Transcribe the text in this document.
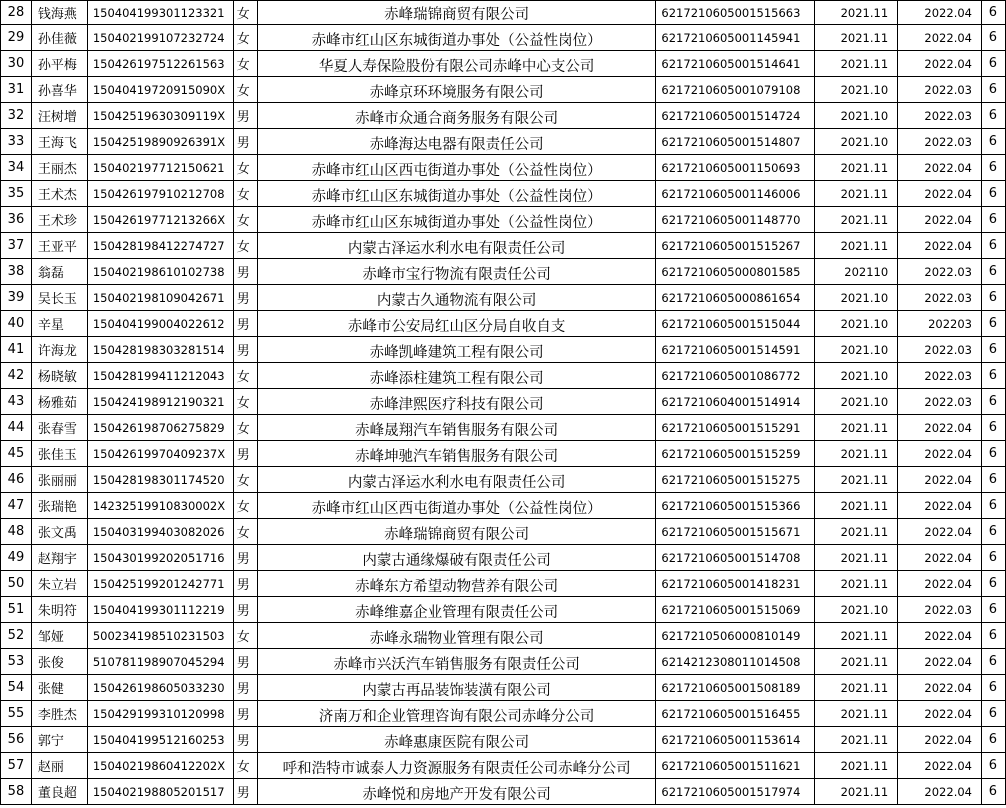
28	钱海燕	150404199301123321	女	赤峰瑞锦商贸有限公司	6217210605001515663	2021.11	2022.04	6
29	孙佳薇	150402199107232724	女	赤峰市红山区东城街道办事处（公益性岗位）	6217210605001145941	2021.11	2022.04	6
30	孙平梅	150426197512261563	女	华夏人寿保险股份有限公司赤峰中心支公司	6217210605001514641	2021.11	2022.04	6
31	孙喜华	15040419720915090X	女	赤峰京环环境服务有限公司	6217210605001079108	2021.10	2022.03	6
32	汪树增	15042519630309119X	男	赤峰市众通合商务服务有限公司	6217210605001514724	2021.10	2022.03	6
33	王海飞	15042519890926391X	男	赤峰海达电器有限责任公司	6217210605001514807	2021.10	2022.03	6
34	王丽杰	150402197712150621	女	赤峰市红山区西屯街道办事处（公益性岗位）	6217210605001150693	2021.11	2022.04	6
35	王术杰	150426197910212708	女	赤峰市红山区东城街道办事处（公益性岗位）	6217210605001146006	2021.11	2022.04	6
36	王术珍	15042619771213266X	女	赤峰市红山区东城街道办事处（公益性岗位）	6217210605001148770	2021.11	2022.04	6
37	王亚平	150428198412274727	女	内蒙古泽运水利水电有限责任公司	6217210605001515267	2021.11	2022.04	6
38	翁磊	150402198610102738	男	赤峰市宝行物流有限责任公司	6217210605000801585	202110	2022.03	6
39	吴长玉	150402198109042671	男	内蒙古久通物流有限公司	6217210605000861654	2021.10	2022.03	6
40	辛星	150404199004022612	男	赤峰市公安局红山区分局自收自支	6217210605001515044	2021.10	202203	6
41	许海龙	150428198303281514	男	赤峰凯峰建筑工程有限公司	6217210605001514591	2021.10	2022.03	6
42	杨晓敏	150428199411212043	女	赤峰添柱建筑工程有限公司	6217210605001086772	2021.10	2022.03	6
43	杨雅茹	150424198912190321	女	赤峰津熙医疗科技有限公司	6217210604001514914	2021.10	2022.03	6
44	张春雪	150426198706275829	女	赤峰晟翔汽车销售服务有限公司	6217210605001515291	2021.11	2022.04	6
45	张佳玉	15042619970409237X	男	赤峰坤驰汽车销售服务有限公司	6217210605001515259	2021.11	2022.04	6
46	张丽丽	150428198301174520	女	内蒙古泽运水利水电有限责任公司	6217210605001515275	2021.11	2022.04	6
47	张瑞艳	14232519910830002X	女	赤峰市红山区西屯街道办事处（公益性岗位）	6217210605001515366	2021.11	2022.04	6
48	张文禹	150403199403082026	女	赤峰瑞锦商贸有限公司	6217210605001515671	2021.11	2022.04	6
49	赵翔宇	150430199202051716	男	内蒙古通缘爆破有限责任公司	6217210605001514708	2021.11	2022.04	6
50	朱立岩	150425199201242771	男	赤峰东方希望动物营养有限公司	6217210605001418231	2021.11	2022.04	6
51	朱明符	150404199301112219	男	赤峰维嘉企业管理有限责任公司	6217210605001515069	2021.10	2022.03	6
52	邹娅	500234198510231503	女	赤峰永瑞物业管理有限公司	6217210506000810149	2021.11	2022.04	6
53	张俊	510781198907045294	男	赤峰市兴沃汽车销售服务有限责任公司	6214212308011014508	2021.11	2022.04	6
54	张健	150426198605033230	男	内蒙古再品装饰装潢有限公司	6217210605001508189	2021.11	2022.04	6
55	李胜杰	150429199310120998	男	济南万和企业管理咨询有限公司赤峰分公司	6217210605001516455	2021.11	2022.04	6
56	郭宁	150404199512160253	男	赤峰惠康医院有限公司	6217210605001153614	2021.11	2022.04	6
57	赵丽	15040219860412202X	女	呼和浩特市诚泰人力资源服务有限责任公司赤峰分公司	6217210605001511621	2021.11	2022.04	6
58	董良超	150402198805201517	男	赤峰悦和房地产开发有限公司	6217210605001517974	2021.11	2022.04	6
